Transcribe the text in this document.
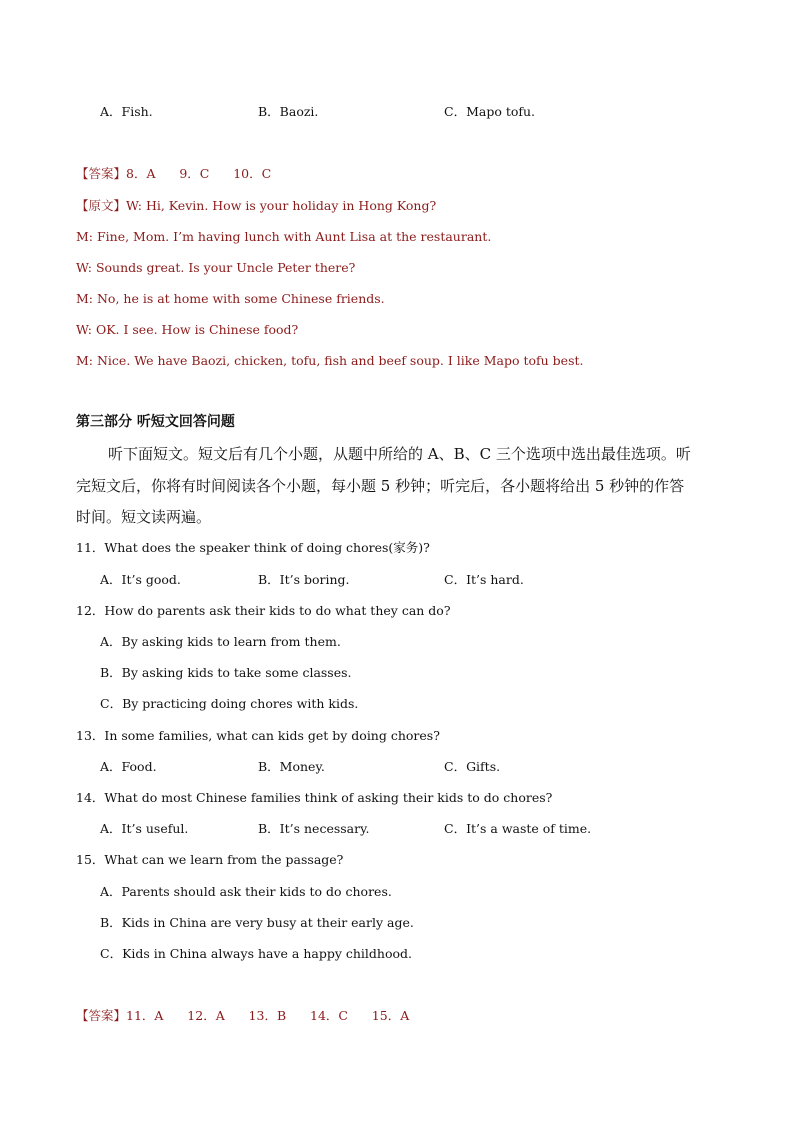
A．Fish.	B．Baozi.	C．Mapo tofu.
【答案】8．A      9．C      10．C
【原文】W: Hi, Kevin. How is your holiday in Hong Kong?
M: Fine, Mom. I’m having lunch with Aunt Lisa at the restaurant.
W: Sounds great. Is your Uncle Peter there?
M: No, he is at home with some Chinese friends.
W: OK. I see. How is Chinese food?
M: Nice. We have Baozi, chicken, tofu, fish and beef soup. I like Mapo tofu best.
第三部分 听短文回答问题
听下面短文。短文后有几个小题，从题中所给的 A、B、C 三个选项中选出最佳选项。听
完短文后，你将有时间阅读各个小题，每小题 5 秒钟；听完后，各小题将给出 5 秒钟的作答
时间。短文读两遍。
11．What does the speaker think of doing chores(家务)?
A．It’s good.	B．It’s boring.	C．It’s hard.
12．How do parents ask their kids to do what they can do?
A．By asking kids to learn from them.
B．By asking kids to take some classes.
C．By practicing doing chores with kids.
13．In some families, what can kids get by doing chores?
A．Food.	B．Money.	C．Gifts.
14．What do most Chinese families think of asking their kids to do chores?
A．It’s useful.	B．It’s necessary.	C．It’s a waste of time.
15．What can we learn from the passage?
A．Parents should ask their kids to do chores.
B．Kids in China are very busy at their early age.
C．Kids in China always have a happy childhood.
【答案】11．A      12．A      13．B      14．C      15．A
